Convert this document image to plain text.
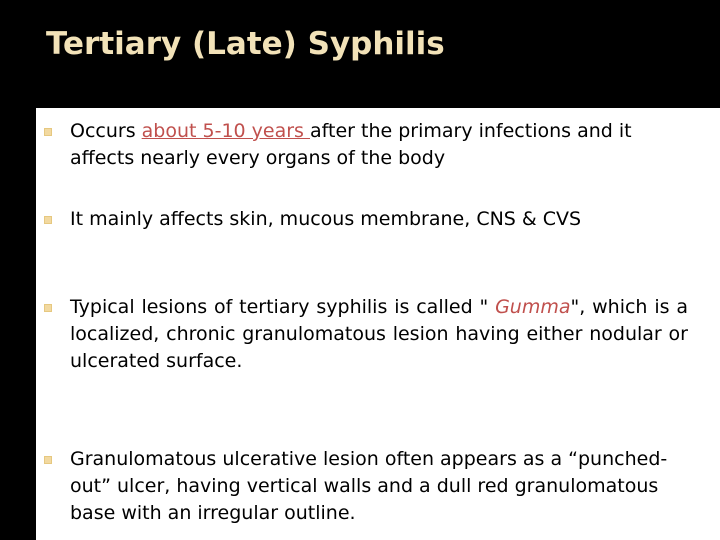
Tertiary (Late) Syphilis

Occurs about 5-10 years after the primary infections and it affects nearly every organs of the body

It mainly affects skin, mucous membrane, CNS & CVS

Typical lesions of tertiary syphilis is called " Gumma", which is a localized, chronic granulomatous lesion having either nodular or ulcerated surface.

Granulomatous ulcerative lesion often appears as a “punched-out” ulcer, having vertical walls and a dull red granulomatous base with an irregular outline.
